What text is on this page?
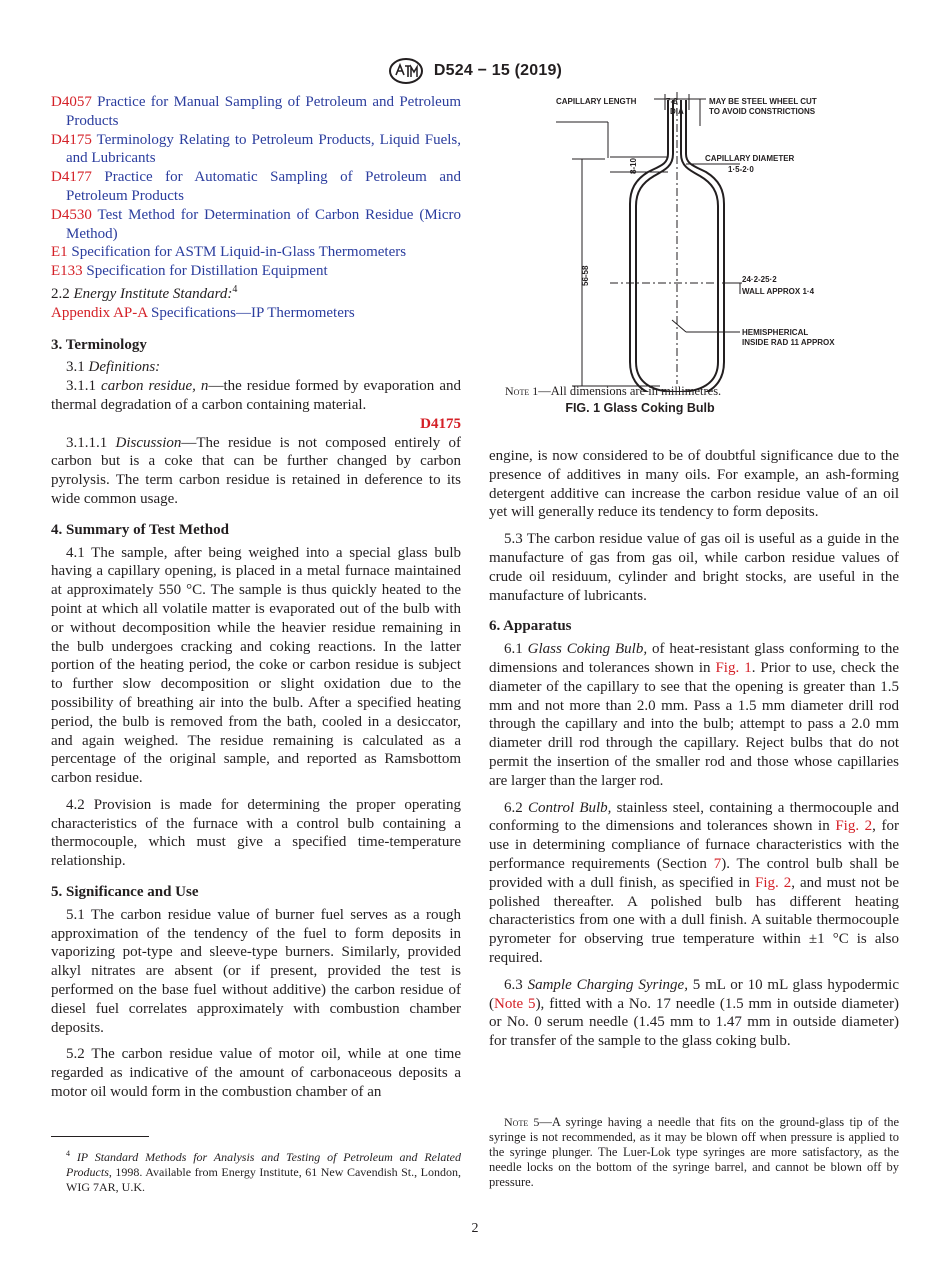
D524 − 15 (2019)
D4057 Practice for Manual Sampling of Petroleum and Petroleum Products
D4175 Terminology Relating to Petroleum Products, Liquid Fuels, and Lubricants
D4177 Practice for Automatic Sampling of Petroleum and Petroleum Products
D4530 Test Method for Determination of Carbon Residue (Micro Method)
E1 Specification for ASTM Liquid-in-Glass Thermometers
E133 Specification for Distillation Equipment
2.2 Energy Institute Standard:$^4$
Appendix AP-A Specifications—IP Thermometers
3. Terminology
3.1 Definitions:
3.1.1 carbon residue, n—the residue formed by evaporation and thermal degradation of a carbon containing material.
D4175
3.1.1.1 Discussion—The residue is not composed entirely of carbon but is a coke that can be further changed by carbon pyrolysis. The term carbon residue is retained in deference to its wide common usage.
4. Summary of Test Method
4.1 The sample, after being weighed into a special glass bulb having a capillary opening, is placed in a metal furnace maintained at approximately 550 °C. The sample is thus quickly heated to the point at which all volatile matter is evaporated out of the bulb with or without decomposition while the heavier residue remaining in the bulb undergoes cracking and coking reactions. In the latter portion of the heating period, the coke or carbon residue is subject to further slow decomposition or slight oxidation due to the possibility of breathing air into the bulb. After a specified heating period, the bulb is removed from the bath, cooled in a desiccator, and again weighed. The residue remaining is calculated as a percentage of the original sample, and reported as Ramsbottom carbon residue.
4.2 Provision is made for determining the proper operating characteristics of the furnace with a control bulb containing a thermocouple, which must give a specified time-temperature relationship.
5. Significance and Use
5.1 The carbon residue value of burner fuel serves as a rough approximation of the tendency of the fuel to form deposits in vaporizing pot-type and sleeve-type burners. Similarly, provided alkyl nitrates are absent (or if present, provided the test is performed on the base fuel without additive) the carbon residue of diesel fuel correlates approximately with combustion chamber deposits.
5.2 The carbon residue value of motor oil, while at one time regarded as indicative of the amount of carbonaceous deposits a motor oil would form in the combustion chamber of an
CAPILLARY LENGTH	7-8
DIA
MAY BE STEEL WHEEL CUT
TO AVOID CONSTRICTIONS
CAPILLARY DIAMETER
1·5-2·0
8-10
56-58	24·2-25·2
WALL APPROX 1·4
HEMISPHERICAL
INSIDE RAD 11 APPROX
Note 1—All dimensions are in millimetres.
FIG. 1 Glass Coking Bulb
engine, is now considered to be of doubtful significance due to the presence of additives in many oils. For example, an ash-forming detergent additive can increase the carbon residue value of an oil yet will generally reduce its tendency to form deposits.
5.3 The carbon residue value of gas oil is useful as a guide in the manufacture of gas from gas oil, while carbon residue values of crude oil residuum, cylinder and bright stocks, are useful in the manufacture of lubricants.
6. Apparatus
6.1 Glass Coking Bulb, of heat-resistant glass conforming to the dimensions and tolerances shown in Fig. 1. Prior to use, check the diameter of the capillary to see that the opening is greater than 1.5 mm and not more than 2.0 mm. Pass a 1.5 mm diameter drill rod through the capillary and into the bulb; attempt to pass a 2.0 mm diameter drill rod through the capillary. Reject bulbs that do not permit the insertion of the smaller rod and those whose capillaries are larger than the larger rod.
6.2 Control Bulb, stainless steel, containing a thermocouple and conforming to the dimensions and tolerances shown in Fig. 2, for use in determining compliance of furnace characteristics with the performance requirements (Section 7). The control bulb shall be provided with a dull finish, as specified in Fig. 2, and must not be polished thereafter. A polished bulb has different heating characteristics from one with a dull finish. A suitable thermocouple pyrometer for observing true temperature within ±1 °C is also required.
6.3 Sample Charging Syringe, 5 mL or 10 mL glass hypodermic (Note 5), fitted with a No. 17 needle (1.5 mm in outside diameter) or No. 0 serum needle (1.45 mm to 1.47 mm in outside diameter) for transfer of the sample to the glass coking bulb.
Note 5—A syringe having a needle that fits on the ground-glass tip of the syringe is not recommended, as it may be blown off when pressure is applied to the syringe plunger. The Luer-Lok type syringes are more satisfactory, as the needle locks on the bottom of the syringe barrel, and cannot be blown off by pressure.
$^4$ IP Standard Methods for Analysis and Testing of Petroleum and Related Products, 1998. Available from Energy Institute, 61 New Cavendish St., London, WIG 7AR, U.K.
2
